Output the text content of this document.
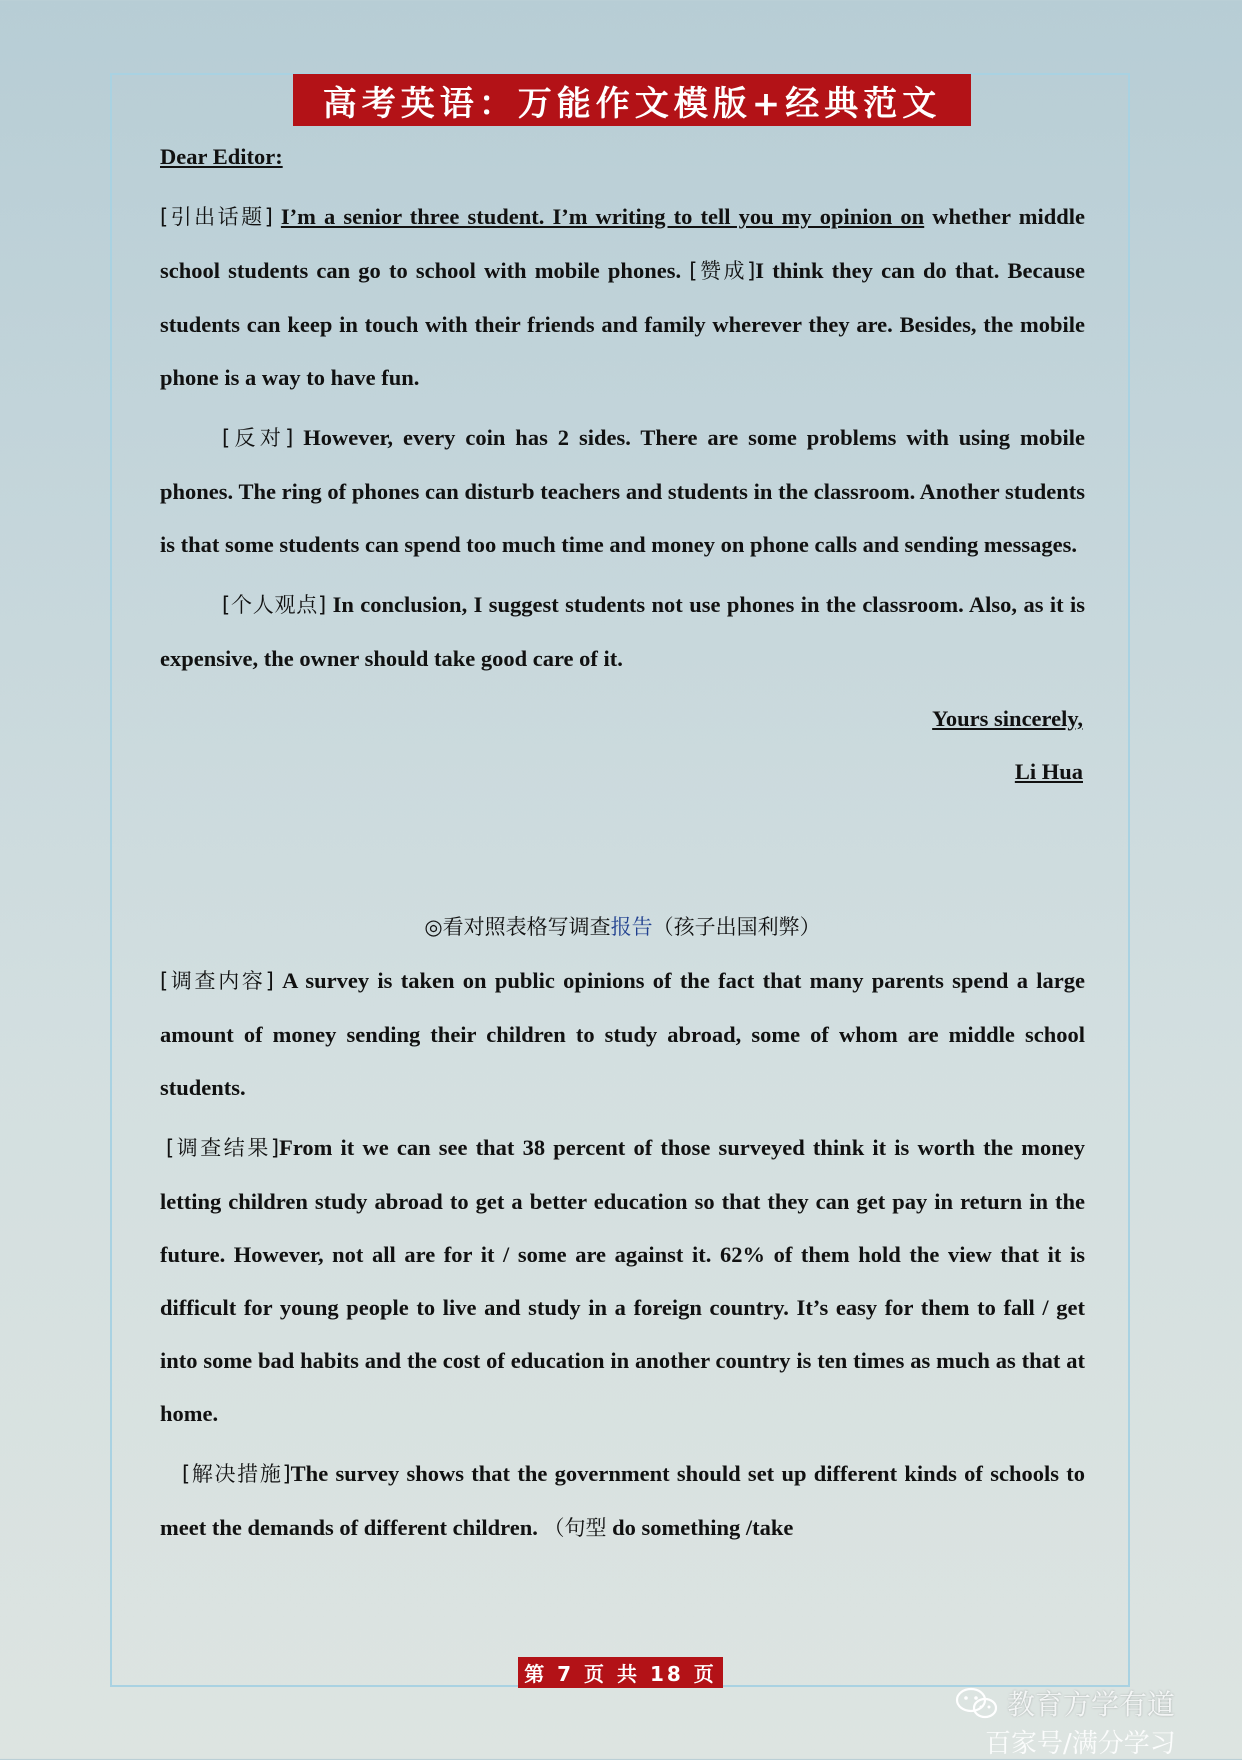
高考英语：万能作文模版+经典范文

Dear Editor:

[引出话题] I’m a senior three student. I’m writing to tell you my opinion on whether middle school students can go to school with mobile phones. [赞成]I think they can do that. Because students can keep in touch with their friends and family wherever they are. Besides, the mobile phone is a way to have fun.

[反对] However, every coin has 2 sides. There are some problems with using mobile phones. The ring of phones can disturb teachers and students in the classroom. Another students is that some students can spend too much time and money on phone calls and sending messages.

[个人观点] In conclusion, I suggest students not use phones in the classroom. Also, as it is expensive, the owner should take good care of it.

Yours sincerely,

Li Hua

◎看对照表格写调查报告（孩子出国利弊）

[调查内容] A survey is taken on public opinions of the fact that many parents spend a large amount of money sending their children to study abroad, some of whom are middle school students.

[调查结果]From it we can see that 38 percent of those surveyed think it is worth the money letting children study abroad to get a better education so that they can get pay in return in the future. However, not all are for it / some are against it. 62% of them hold the view that it is difficult for young people to live and study in a foreign country. It’s easy for them to fall / get into some bad habits and the cost of education in another country is ten times as much as that at home.

[解决措施]The survey shows that the government should set up different kinds of schools to meet the demands of different children. （句型 do something /take

第 7 页 共 18 页
教育方学有道
百家号/满分学习
